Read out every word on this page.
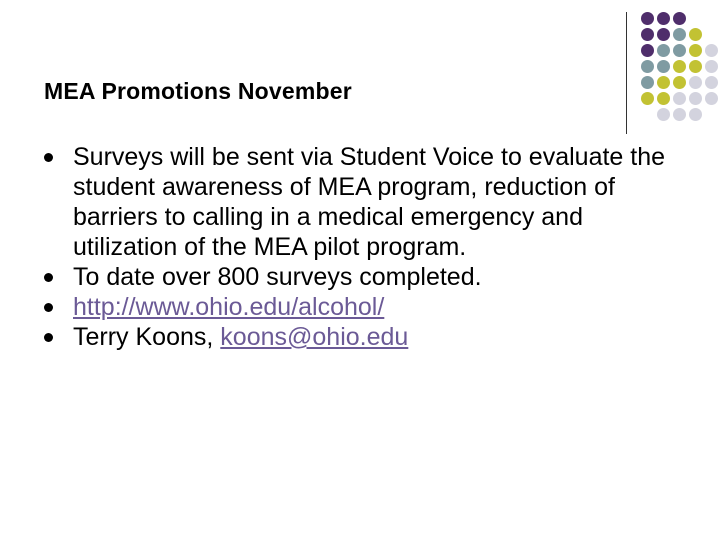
MEA Promotions November
Surveys will be sent via Student Voice to evaluate the student awareness of MEA program, reduction of barriers to calling in a medical emergency and utilization of the MEA pilot program.
To date over 800 surveys completed.
http://www.ohio.edu/alcohol/
Terry Koons, koons@ohio.edu
